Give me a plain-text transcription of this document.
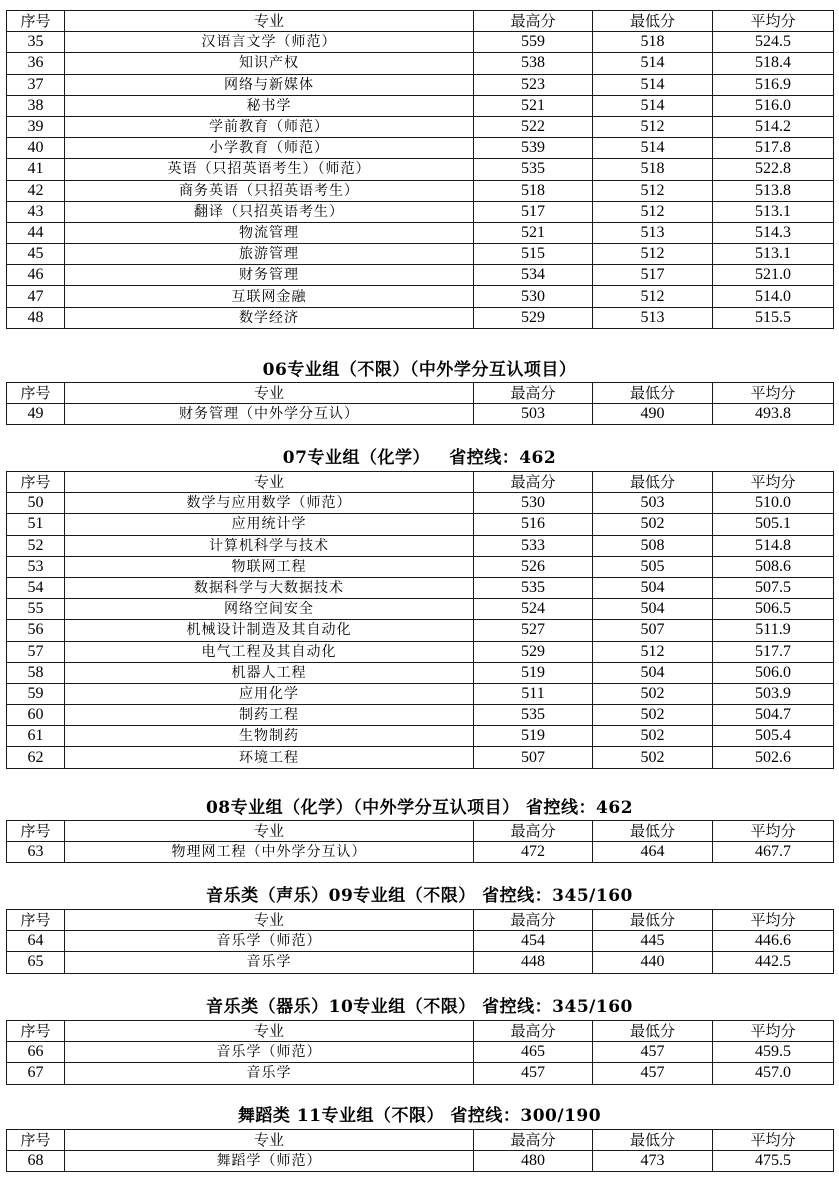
序号	专业	最高分	最低分	平均分
35	汉语言文学（师范）	559	518	524.5
36	知识产权	538	514	518.4
37	网络与新媒体	523	514	516.9
38	秘书学	521	514	516.0
39	学前教育（师范）	522	512	514.2
40	小学教育（师范）	539	514	517.8
41	英语（只招英语考生）（师范）	535	518	522.8
42	商务英语（只招英语考生）	518	512	513.8
43	翻译（只招英语考生）	517	512	513.1
44	物流管理	521	513	514.3
45	旅游管理	515	512	513.1
46	财务管理	534	517	521.0
47	互联网金融	530	512	514.0
48	数学经济	529	513	515.5
06专业组（不限）（中外学分互认项目）
序号	专业	最高分	最低分	平均分
49	财务管理（中外学分互认）	503	490	493.8
07专业组（化学）   省控线：462
序号	专业	最高分	最低分	平均分
50	数学与应用数学（师范）	530	503	510.0
51	应用统计学	516	502	505.1
52	计算机科学与技术	533	508	514.8
53	物联网工程	526	505	508.6
54	数据科学与大数据技术	535	504	507.5
55	网络空间安全	524	504	506.5
56	机械设计制造及其自动化	527	507	511.9
57	电气工程及其自动化	529	512	517.7
58	机器人工程	519	504	506.0
59	应用化学	511	502	503.9
60	制药工程	535	502	504.7
61	生物制药	519	502	505.4
62	环境工程	507	502	502.6
08专业组（化学）（中外学分互认项目） 省控线：462
序号	专业	最高分	最低分	平均分
63	物理网工程（中外学分互认）	472	464	467.7
音乐类（声乐）09专业组（不限） 省控线：345/160
序号	专业	最高分	最低分	平均分
64	音乐学（师范）	454	445	446.6
65	音乐学	448	440	442.5
音乐类（器乐）10专业组（不限） 省控线：345/160
序号	专业	最高分	最低分	平均分
66	音乐学（师范）	465	457	459.5
67	音乐学	457	457	457.0
舞蹈类 11专业组（不限） 省控线：300/190
序号	专业	最高分	最低分	平均分
68	舞蹈学（师范）	480	473	475.5
